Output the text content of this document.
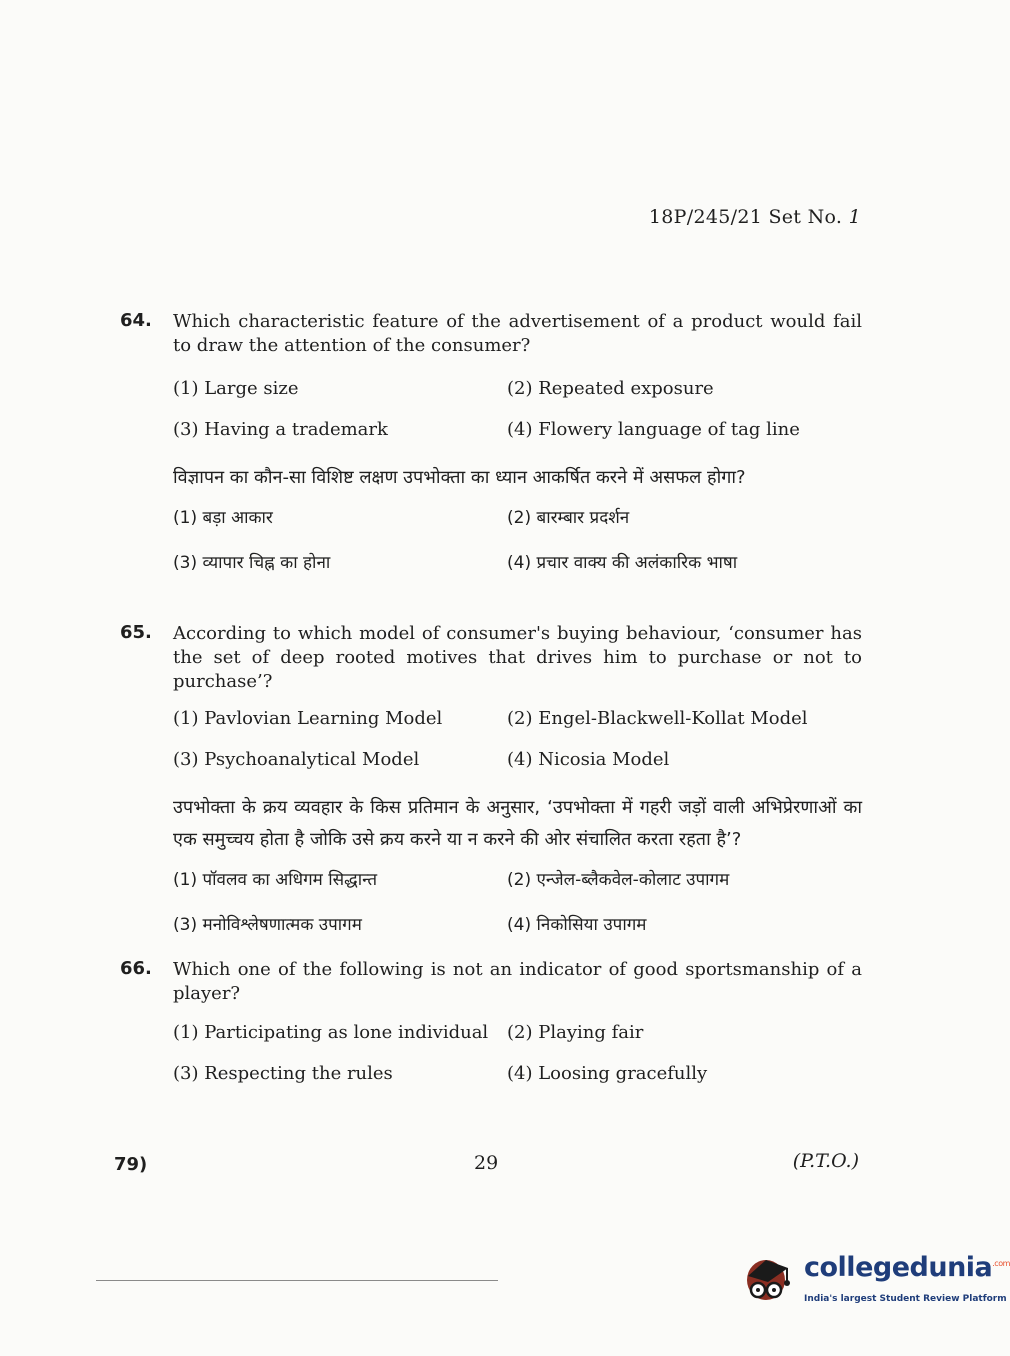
18P/245/21 Set No. 1
64. Which characteristic feature of the advertisement of a product would fail to draw the attention of the consumer?
(1) Large size	(2) Repeated exposure
(3) Having a trademark	(4) Flowery language of tag line
विज्ञापन का कौन-सा विशिष्ट लक्षण उपभोक्ता का ध्यान आकर्षित करने में असफल होगा?
(1) बड़ा आकार	(2) बारम्बार प्रदर्शन
(3) व्यापार चिह्न का होना	(4) प्रचार वाक्य की अलंकारिक भाषा
65. According to which model of consumer's buying behaviour, ‘consumer has the set of deep rooted motives that drives him to purchase or not to purchase’?
(1) Pavlovian Learning Model	(2) Engel-Blackwell-Kollat Model
(3) Psychoanalytical Model	(4) Nicosia Model
उपभोक्ता के क्रय व्यवहार के किस प्रतिमान के अनुसार, ‘उपभोक्ता में गहरी जड़ों वाली अभिप्रेरणाओं का एक समुच्चय होता है जोकि उसे क्रय करने या न करने की ओर संचालित करता रहता है’?
(1) पॉवलव का अधिगम सिद्धान्त	(2) एन्जेल-ब्लैकवेल-कोलाट उपागम
(3) मनोविश्लेषणात्मक उपागम	(4) निकोसिया उपागम
66. Which one of the following is not an indicator of good sportsmanship of a player?
(1) Participating as lone individual	(2) Playing fair
(3) Respecting the rules	(4) Loosing gracefully
79)	29	(P.T.O.)
collegedunia$^{.com}$
India's largest Student Review Platform
